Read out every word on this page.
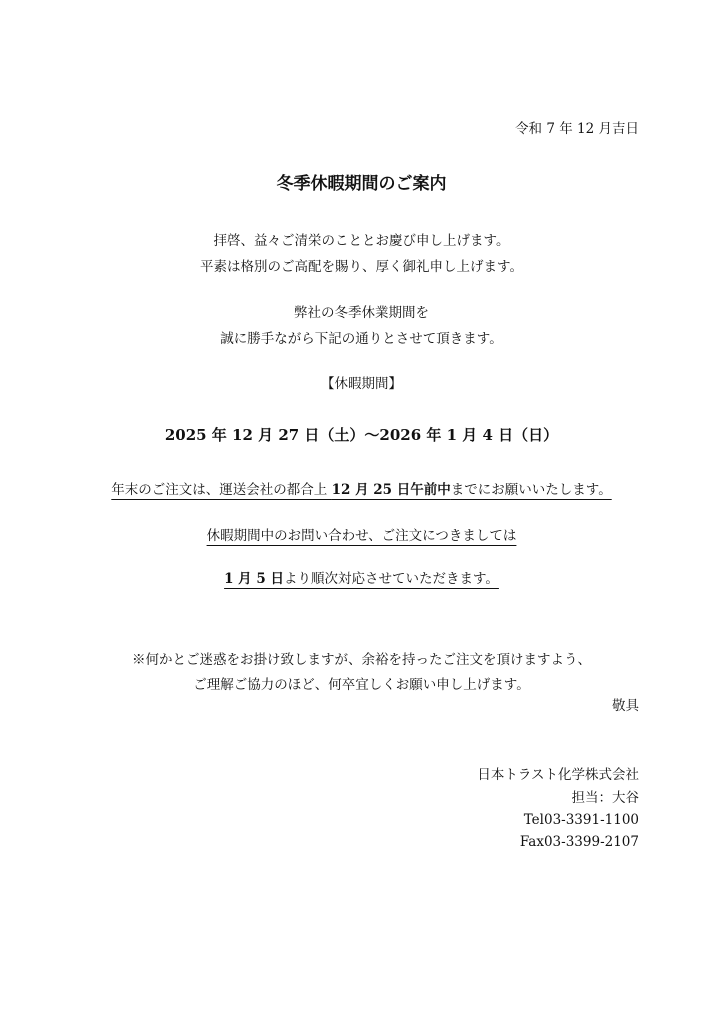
令和 7 年 12 月吉日
冬季休暇期間のご案内
拝啓、益々ご清栄のこととお慶び申し上げます。
平素は格別のご高配を賜り、厚く御礼申し上げます。
弊社の冬季休業期間を
誠に勝手ながら下記の通りとさせて頂きます。
【休暇期間】
2025 年 12 月 27 日（土）～2026 年 1 月 4 日（日）
年末のご注文は、運送会社の都合上 12 月 25 日午前中までにお願いいたします。
休暇期間中のお問い合わせ、ご注文につきましては
1 月 5 日より順次対応させていただきます。
※何かとご迷惑をお掛け致しますが、余裕を持ったご注文を頂けますよう、
ご理解ご協力のほど、何卒宜しくお願い申し上げます。
敬具
日本トラスト化学株式会社
担当：大谷
Tel03-3391-1100
Fax03-3399-2107
